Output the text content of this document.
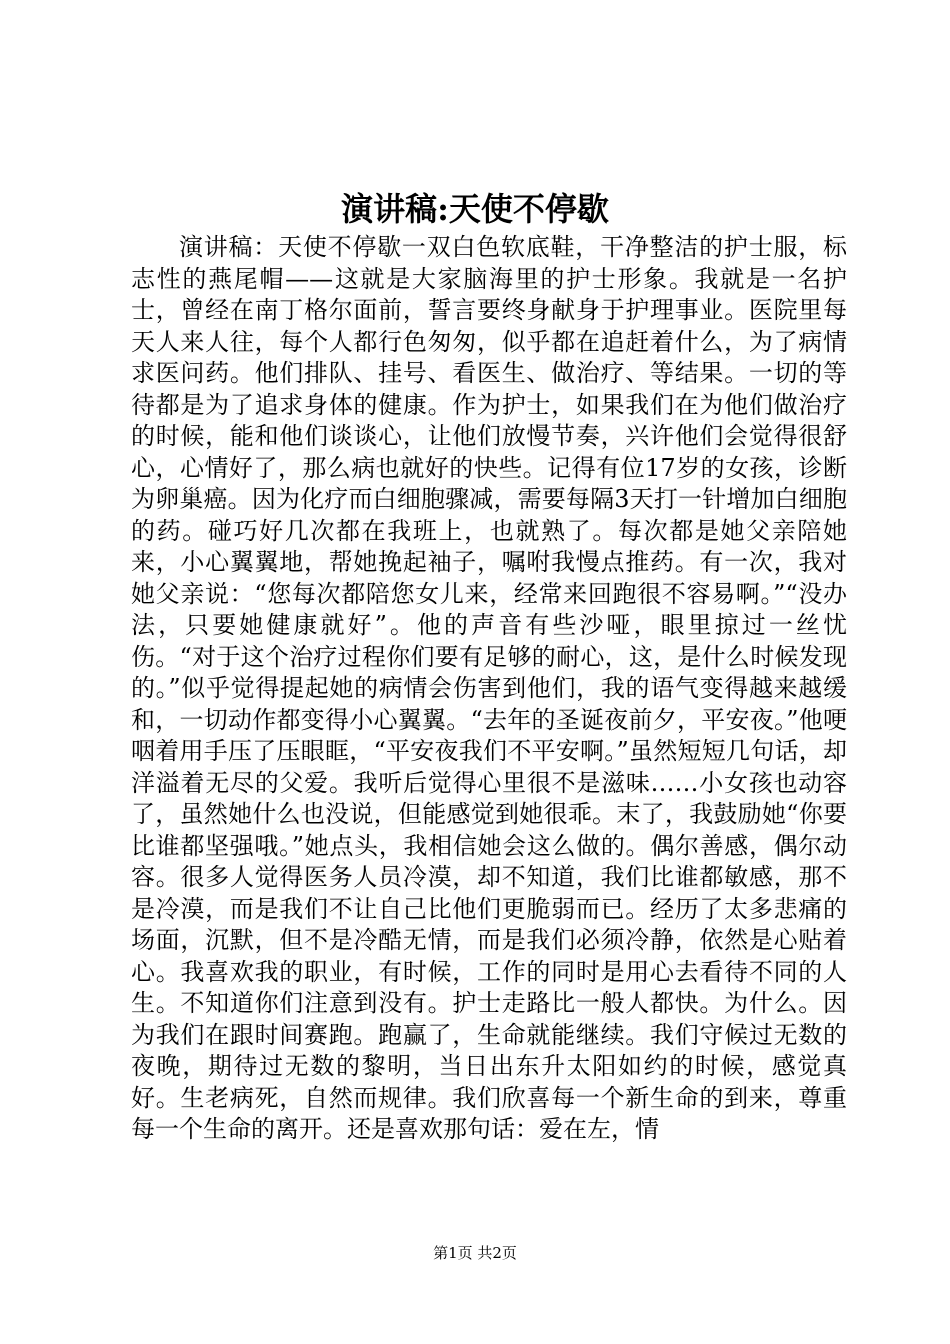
演讲稿:天使不停歇

演讲稿：天使不停歇一双白色软底鞋，干净整洁的护士服，标志性的燕尾帽——这就是大家脑海里的护士形象。我就是一名护士，曾经在南丁格尔面前，誓言要终身献身于护理事业。医院里每天人来人往，每个人都行色匆匆，似乎都在追赶着什么，为了病情求医问药。他们排队、挂号、看医生、做治疗、等结果。一切的等待都是为了追求身体的健康。作为护士，如果我们在为他们做治疗的时候，能和他们谈谈心，让他们放慢节奏，兴许他们会觉得很舒心，心情好了，那么病也就好的快些。记得有位17岁的女孩，诊断为卵巢癌。因为化疗而白细胞骤减，需要每隔3天打一针增加白细胞的药。碰巧好几次都在我班上，也就熟了。每次都是她父亲陪她来，小心翼翼地，帮她挽起袖子，嘱咐我慢点推药。有一次，我对她父亲说：“您每次都陪您女儿来，经常来回跑很不容易啊。”“没办法，只要她健康就好”。他的声音有些沙哑，眼里掠过一丝忧伤。“对于这个治疗过程你们要有足够的耐心，这，是什么时候发现的。”似乎觉得提起她的病情会伤害到他们，我的语气变得越来越缓和，一切动作都变得小心翼翼。“去年的圣诞夜前夕，平安夜。”他哽咽着用手压了压眼眶，“平安夜我们不平安啊。”虽然短短几句话，却洋溢着无尽的父爱。我听后觉得心里很不是滋味……小女孩也动容了，虽然她什么也没说，但能感觉到她很乖。末了，我鼓励她“你要比谁都坚强哦。”她点头，我相信她会这么做的。偶尔善感，偶尔动容。很多人觉得医务人员冷漠，却不知道，我们比谁都敏感，那不是冷漠，而是我们不让自己比他们更脆弱而已。经历了太多悲痛的场面，沉默，但不是冷酷无情，而是我们必须冷静，依然是心贴着心。我喜欢我的职业，有时候，工作的同时是用心去看待不同的人生。不知道你们注意到没有。护士走路比一般人都快。为什么。因为我们在跟时间赛跑。跑赢了，生命就能继续。我们守候过无数的夜晚，期待过无数的黎明，当日出东升太阳如约的时候，感觉真好。生老病死，自然而规律。我们欣喜每一个新生命的到来，尊重每一个生命的离开。还是喜欢那句话：爱在左，情

第1页 共2页
